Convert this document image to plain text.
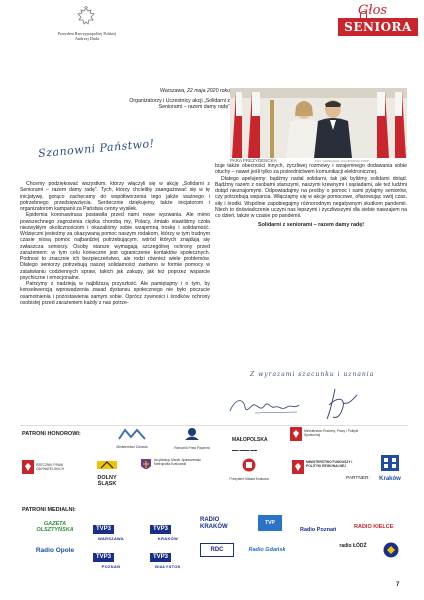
Prezydent Rzeczypospolitej Polskiej
Andrzej Duda
Głos
SENIORA
Warszawa, 22 maja 2020 roku
Organizatorzy i Uczestnicy akcji „Solidarni z Seniorami – razem damy radę”
Szanowni Państwo!
PARA PREZYDENCKA	FOT. GRZEGORZ JAKUBOWSKI KPRP

Chcemy podziękować wszystkim, którzy włączyli się w akcję „Solidarni z Seniorami – razem damy radę”. Tych, którzy chcieliby zaangażować się w tę inicjatywę, gorąco zachęcamy do współtworzenia tego jakże ważnego i potrzebnego przedsięwzięcia. Serdecznie dziękujemy także inicjatorom i organizatorom kampanii za Państwa cenny wysiłek.

Epidemia koronawirusa postawiła przed nami nowe wyzwania. Ale mimo powszechnego zagrożenia ciężka chorobą my, Polacy, śmiało stawiliśmy czoła niezwykłym okolicznościom i okazaliśmy sobie wzajemną troskę i solidarność. Wdzięczni jesteśmy za okazywaną pomoc naszym rodakom, którzy w tym trudnym czasie niosą pomoc najbardziej potrzebującym, wśród których znajdują się zwłaszcza seniorzy. Osoby starsze wymagają szczególnej ochrony przed zarażeniem: w tym celu konieczne jest ograniczenie kontaktów społecznych. Podnosi to znacznie ich bezpieczeństwo, ale rodzi również wiele problemów. Dlatego seniorzy potrzebują naszej solidarności zarówno w formie pomocy w zatatwianiu codziennych spraw, takich jak zakupy, jak też poprzez wsparcie psychiczne i emocjonalne.

Patrzymy z nadzieją w najbliższą przyszłość. Ale pamiętajmy i o tym, by konsekwencją wprowadzenia zasad dystansu społecznego nie było poczucie osamotnienia i pozostawienia samym sobie. Oprócz żywności i środków ochrony osobistej przed zarażeniem każdy z nas potrze-

buje także obecności innych, życzliwej rozmowy i wzajemnego dodawania sobie otuchy – nawet jeśli tylko za pośrednictwem komunikacji elektronicznej.

Dlatego apelujemy: bądźmy nadal solidarni, tak jak byliśmy solidarni dotąd. Bądźmy razem z osobami starszymi, naszymi krewnymi i sąsiadami, ale też ludźmi dotąd nieznajomymi. Odpowiadajmy na prośby o pomoc i sami pytajmy seniorów, czy potrzebują wsparcia. Włączajmy się w akcje pomocowe, ofiarowując swój czas, siły i środki. Wspólnie zapobiegajmy różnorodnym negatywnym skutkom pandemii. Niech to doświadczenie uczyni nas lepszymi i życzliwszymi dla siebie nawzajem na co dzień, także w czasie po pandemii.

Solidarni z seniorami – razem damy radę!

Z wyrazami szacunku i uznania
PATRONI HONOROWI:
Ministerstwo Zdrowia	Rzecznik Praw Pacjenta
MAŁOPOLSKA
▬▬ ▬▬▬ ▬▬
Ministerstwo Rodziny, Pracy i Polityki Społecznej
RZECZNIK PRAW OBYWATELSKICH
DOLNY ŚLĄSK
Arcybiskup Marek Jędraszewski Metropolita Krakowski
Prezydent Miasta Krakowa
MINISTERSTWO FUNDUSZY I POLITYKI REGIONALNEJ
PARTNER:	Kraków
PATRONI MEDIALNI:
GAZETA OLSZTYŃSKA	TVP3
WARSZAWA
TVP3
KRAKÓW
RADIO KRAKÓW
TVP
Radio Poznań	RADIO KIELCE
Radio Opole
TVP3
POZNAŃ
TVP3
BIAŁYSTOK
RDC	Radio Gdańsk
radio ŁÓDŹ
7
